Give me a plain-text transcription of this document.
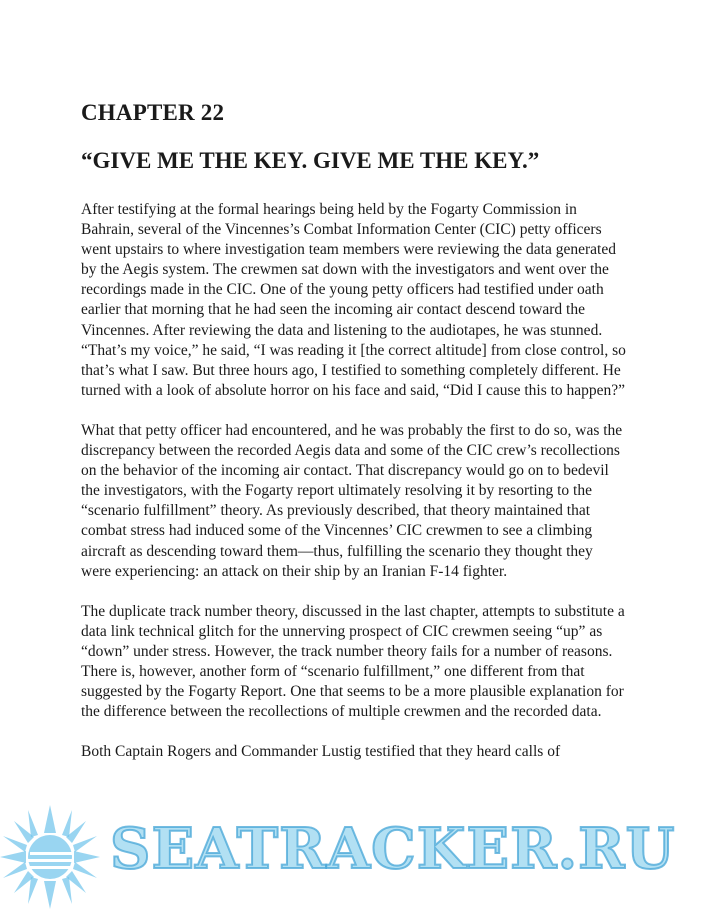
CHAPTER 22
“GIVE ME THE KEY. GIVE ME THE KEY.”

After testifying at the formal hearings being held by the Fogarty Commission in Bahrain, several of the Vincennes’s Combat Information Center (CIC) petty officers went upstairs to where investigation team members were reviewing the data generated by the Aegis system. The crewmen sat down with the investigators and went over the recordings made in the CIC. One of the young petty officers had testified under oath earlier that morning that he had seen the incoming air contact descend toward the Vincennes. After reviewing the data and listening to the audiotapes, he was stunned. “That’s my voice,” he said, “I was reading it [the correct altitude] from close control, so that’s what I saw. But three hours ago, I testified to something completely different. He turned with a look of absolute horror on his face and said, “Did I cause this to happen?”

What that petty officer had encountered, and he was probably the first to do so, was the discrepancy between the recorded Aegis data and some of the CIC crew’s recollections on the behavior of the incoming air contact. That discrepancy would go on to bedevil the investigators, with the Fogarty report ultimately resolving it by resorting to the “scenario fulfillment” theory. As previously described, that theory maintained that combat stress had induced some of the Vincennes’ CIC crewmen to see a climbing aircraft as descending toward them—thus, fulfilling the scenario they thought they were experiencing: an attack on their ship by an Iranian F-14 fighter.

The duplicate track number theory, discussed in the last chapter, attempts to substitute a data link technical glitch for the unnerving prospect of CIC crewmen seeing “up” as “down” under stress. However, the track number theory fails for a number of reasons. There is, however, another form of “scenario fulfillment,” one different from that suggested by the Fogarty Report. One that seems to be a more plausible explanation for the difference between the recollections of multiple crewmen and the recorded data.

Both Captain Rogers and Commander Lustig testified that they heard calls of

SEATRACKER.RU
